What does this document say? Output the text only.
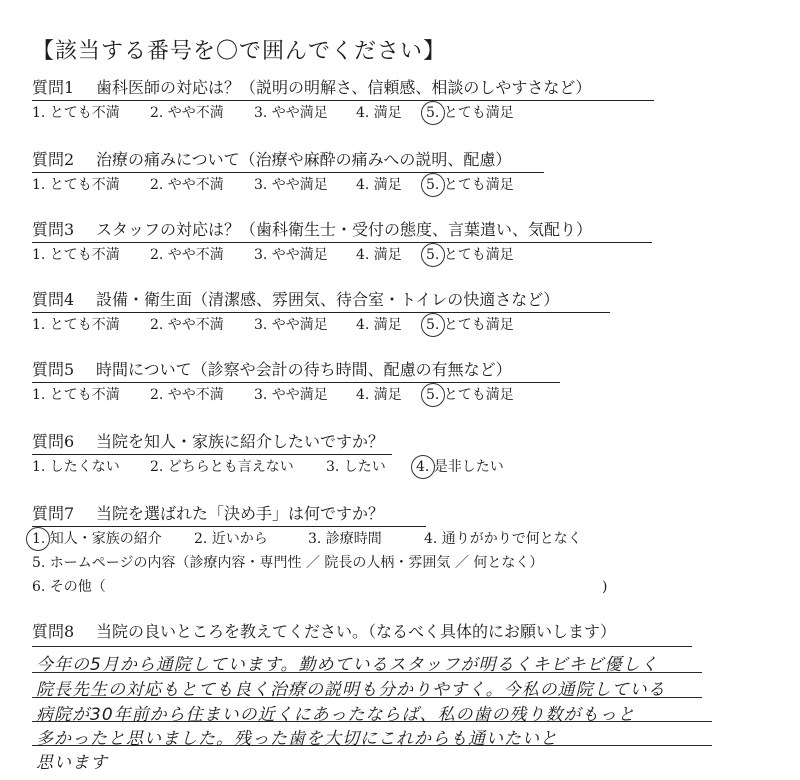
【該当する番号を〇で囲んでください】
質問1 歯科医師の対応は？（説明の明解さ、信頼感、相談のしやすさなど）
1. とても不満 2. やや不満 3. やや満足 4. 満足 5. とても満足
質問2 治療の痛みについて（治療や麻酔の痛みへの説明、配慮）
1. とても不満 2. やや不満 3. やや満足 4. 満足 5. とても満足
質問3 スタッフの対応は？（歯科衛生士・受付の態度、言葉遣い、気配り）
1. とても不満 2. やや不満 3. やや満足 4. 満足 5. とても満足
質問4 設備・衛生面（清潔感、雰囲気、待合室・トイレの快適さなど）
1. とても不満 2. やや不満 3. やや満足 4. 満足 5. とても満足
質問5 時間について（診察や会計の待ち時間、配慮の有無など）
1. とても不満 2. やや不満 3. やや満足 4. 満足 5. とても満足
質問6 当院を知人・家族に紹介したいですか？
1. したくない 2. どちらとも言えない 3. したい 4. 是非したい
質問7 当院を選ばれた「決め手」は何ですか？
1. 知人・家族の紹介 2. 近いから	3. 診療時間	4. 通りがかりで何となく
5. ホームページの内容（診療内容・専門性 ／ 院長の人柄・雰囲気 ／ 何となく）
6. その他（	)
質問8 当院の良いところを教えてください。（なるべく具体的にお願いします）
今年の5月から通院しています。勤めているスタッフが明るくキビキビ優しく
院長先生の対応もとても良く治療の説明も分かりやすく。今私の通院している
病院が30年前から住まいの近くにあったならば、私の歯の残り数がもっと
多かったと思いました。残った歯を大切にこれからも通いたいと
思います
